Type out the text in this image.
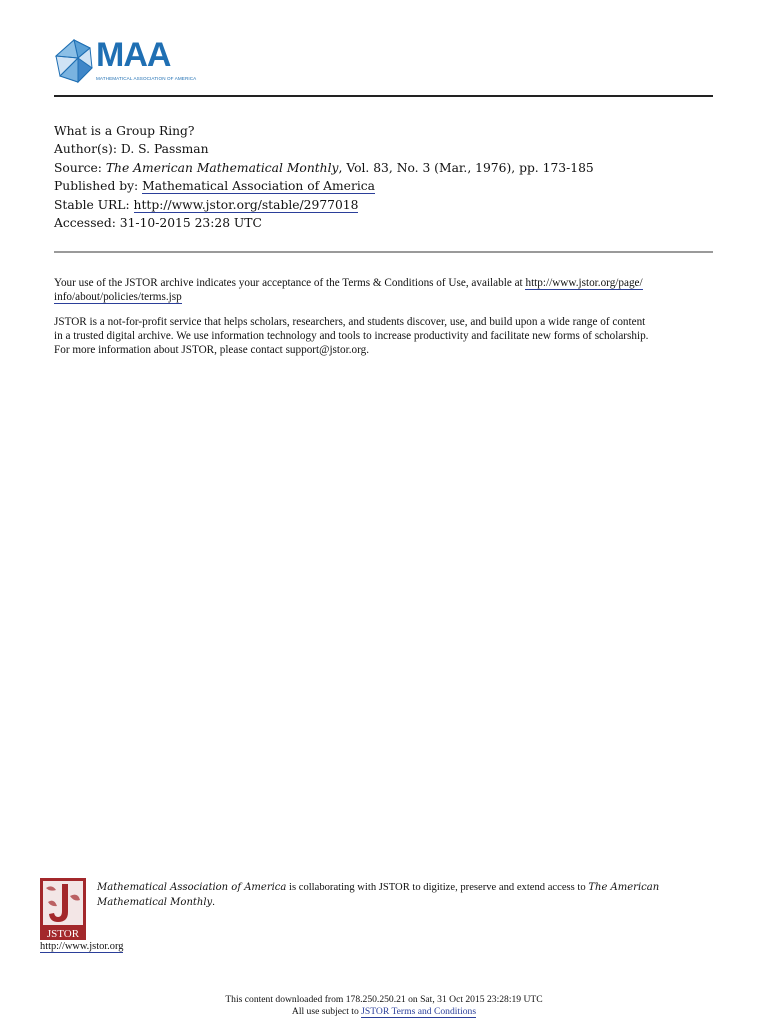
MAA
MATHEMATICAL ASSOCIATION OF AMERICA
What is a Group Ring?
Author(s): D. S. Passman
Source: The American Mathematical Monthly, Vol. 83, No. 3 (Mar., 1976), pp. 173-185
Published by: Mathematical Association of America
Stable URL: http://www.jstor.org/stable/2977018
Accessed: 31-10-2015 23:28 UTC

Your use of the JSTOR archive indicates your acceptance of the Terms & Conditions of Use, available at http://www.jstor.org/page/
info/about/policies/terms.jsp

JSTOR is a not-for-profit service that helps scholars, researchers, and students discover, use, and build upon a wide range of content
in a trusted digital archive. We use information technology and tools to increase productivity and facilitate new forms of scholarship.
For more information about JSTOR, please contact support@jstor.org.

JSTOR
Mathematical Association of America is collaborating with JSTOR to digitize, preserve and extend access to The American
Mathematical Monthly.
http://www.jstor.org
This content downloaded from 178.250.250.21 on Sat, 31 Oct 2015 23:28:19 UTC
All use subject to JSTOR Terms and Conditions
